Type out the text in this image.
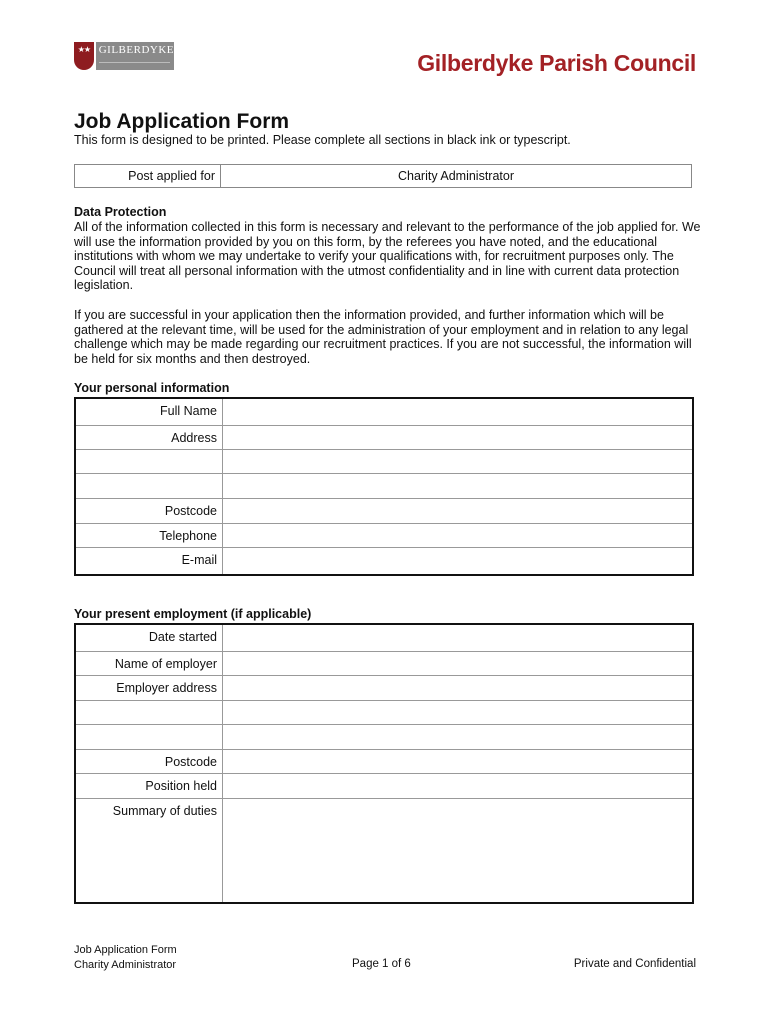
★★ GILBERDYKE	Gilberdyke Parish Council
Job Application Form
This form is designed to be printed. Please complete all sections in black ink or typescript.
Post applied for	Charity Administrator
Data Protection
All of the information collected in this form is necessary and relevant to the performance of the job applied for. We will use the information provided by you on this form, by the referees you have noted, and the educational institutions with whom we may undertake to verify your qualifications with, for recruitment purposes only. The Council will treat all personal information with the utmost confidentiality and in line with current data protection legislation.
If you are successful in your application then the information provided, and further information which will be gathered at the relevant time, will be used for the administration of your employment and in relation to any legal challenge which may be made regarding our recruitment practices. If you are not successful, the information will be held for six months and then destroyed.
Your personal information
Full Name
Address
Postcode
Telephone
E-mail
Your present employment (if applicable)
Date started
Name of employer
Employer address
Postcode
Position held
Summary of duties
Job Application Form
Charity Administrator	Page 1 of 6	Private and Confidential
